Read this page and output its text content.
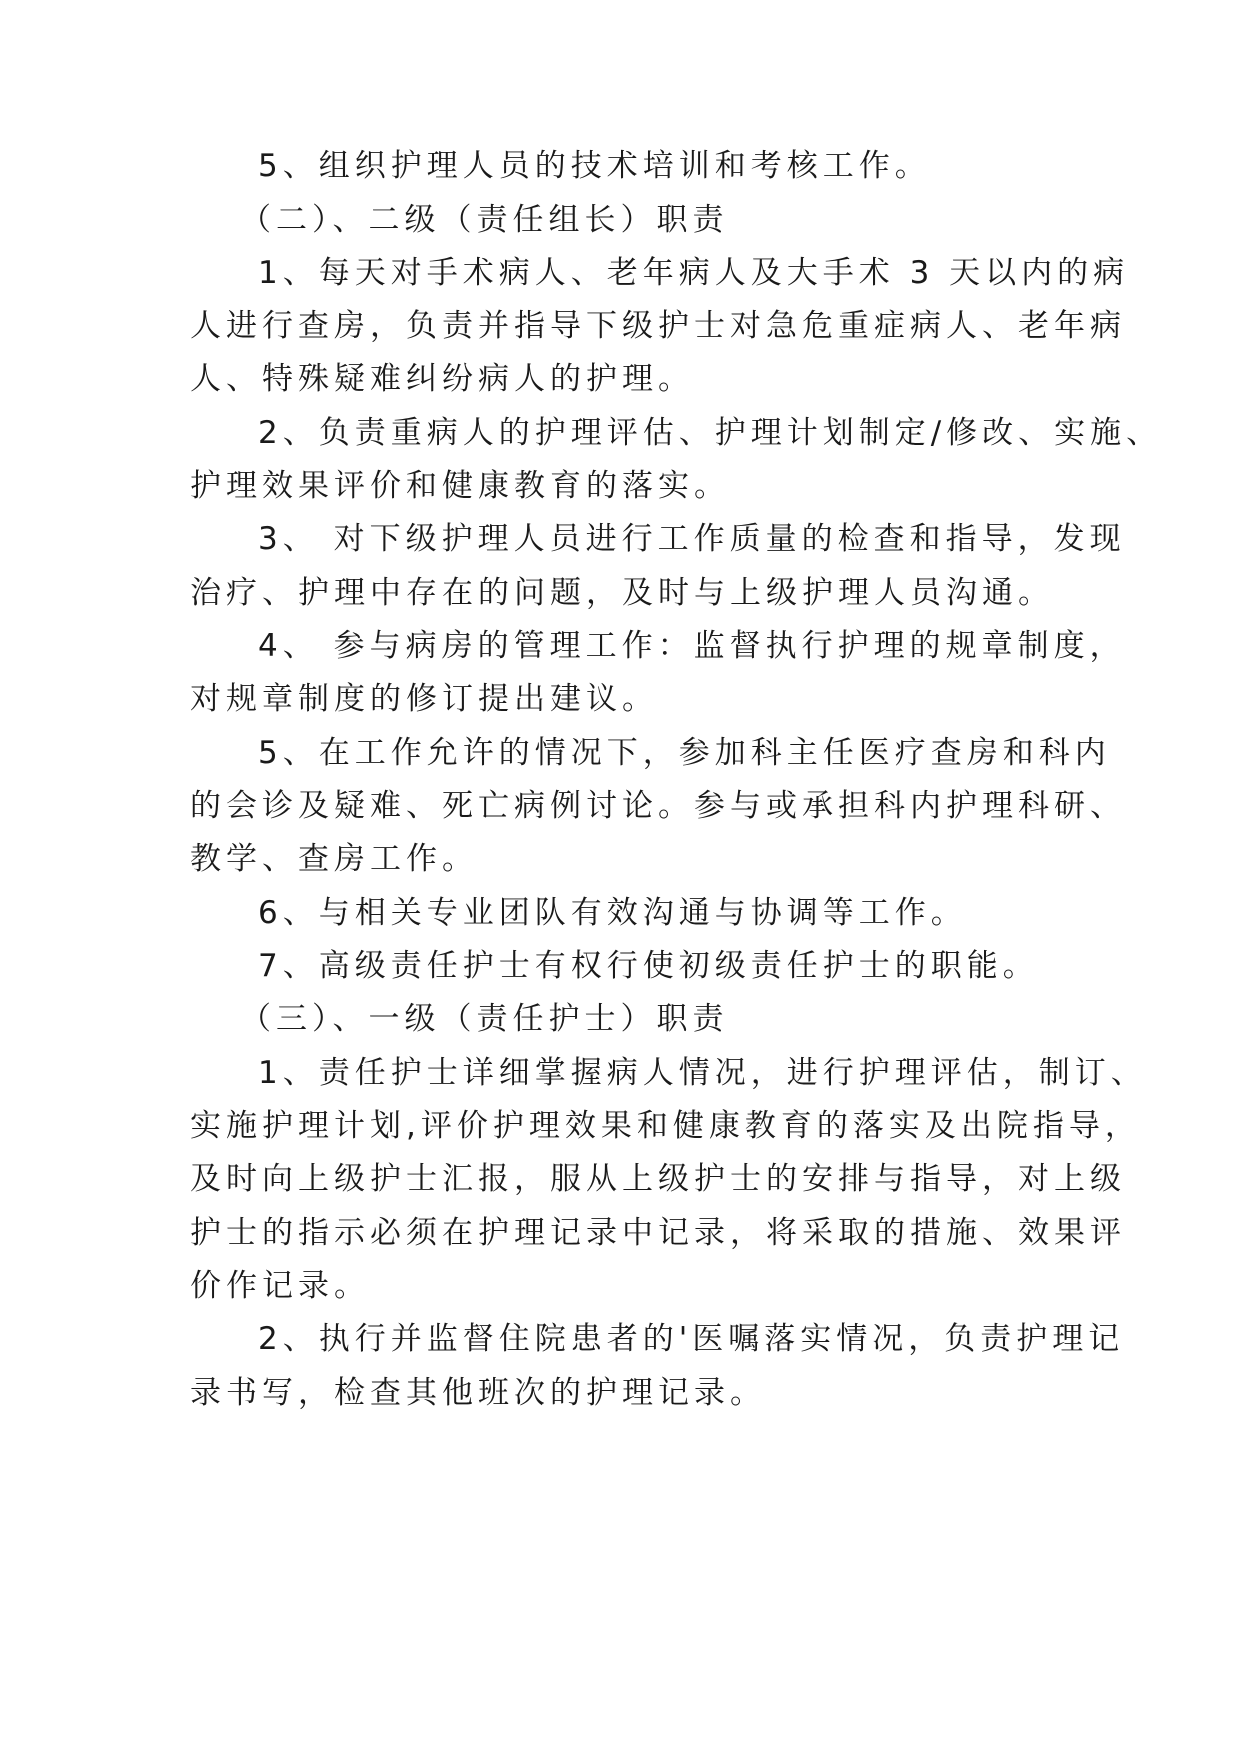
5、组织护理人员的技术培训和考核工作。
（二）、二级（责任组长）职责
1、每天对手术病人、老年病人及大手术 3 天以内的病
人进行查房，负责并指导下级护士对急危重症病人、老年病
人、特殊疑难纠纷病人的护理。
2、负责重病人的护理评估、护理计划制定/修改、实施、
护理效果评价和健康教育的落实。
3、 对下级护理人员进行工作质量的检查和指导，发现
治疗、护理中存在的问题，及时与上级护理人员沟通。
4、 参与病房的管理工作：监督执行护理的规章制度，
对规章制度的修订提出建议。
5、在工作允许的情况下，参加科主任医疗查房和科内
的会诊及疑难、死亡病例讨论。参与或承担科内护理科研、
教学、查房工作。
6、与相关专业团队有效沟通与协调等工作。
7、高级责任护士有权行使初级责任护士的职能。
（三）、一级（责任护士）职责
1、责任护士详细掌握病人情况，进行护理评估，制订、
实施护理计划,评价护理效果和健康教育的落实及出院指导，
及时向上级护士汇报，服从上级护士的安排与指导，对上级
护士的指示必须在护理记录中记录，将采取的措施、效果评
价作记录。
2、执行并监督住院患者的'医嘱落实情况，负责护理记
录书写，检查其他班次的护理记录。
